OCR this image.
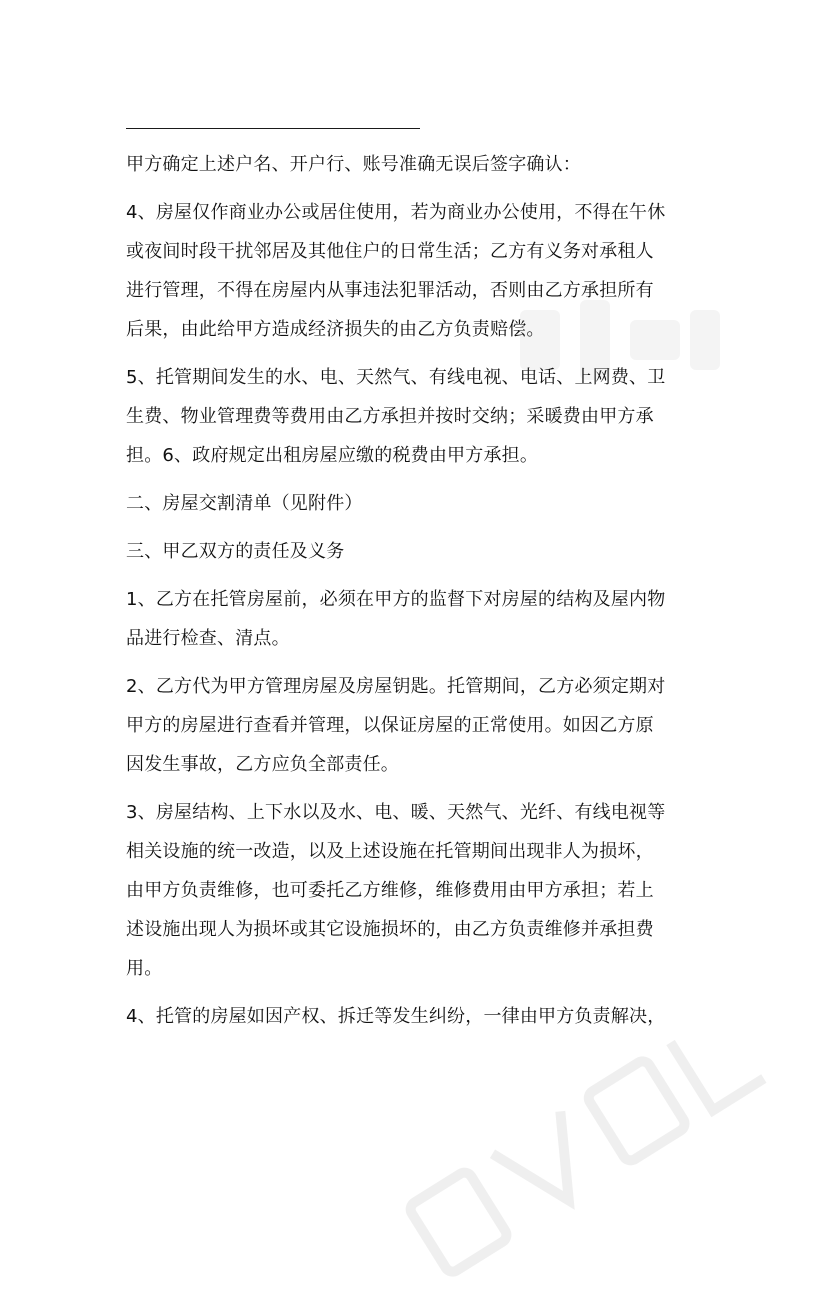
甲方确定上述户名、开户行、账号准确无误后签字确认：

4、房屋仅作商业办公或居住使用，若为商业办公使用，不得在午休
或夜间时段干扰邻居及其他住户的日常生活；乙方有义务对承租人
进行管理，不得在房屋内从事违法犯罪活动，否则由乙方承担所有
后果，由此给甲方造成经济损失的由乙方负责赔偿。

5、托管期间发生的水、电、天然气、有线电视、电话、上网费、卫
生费、物业管理费等费用由乙方承担并按时交纳；采暖费由甲方承
担。6、政府规定出租房屋应缴的税费由甲方承担。

二、房屋交割清单（见附件）

三、甲乙双方的责任及义务

1、乙方在托管房屋前，必须在甲方的监督下对房屋的结构及屋内物
品进行检查、清点。

2、乙方代为甲方管理房屋及房屋钥匙。托管期间，乙方必须定期对
甲方的房屋进行查看并管理，以保证房屋的正常使用。如因乙方原
因发生事故，乙方应负全部责任。

3、房屋结构、上下水以及水、电、暖、天然气、光纤、有线电视等
相关设施的统一改造，以及上述设施在托管期间出现非人为损坏，
由甲方负责维修，也可委托乙方维修，维修费用由甲方承担；若上
述设施出现人为损坏或其它设施损坏的，由乙方负责维修并承担费
用。

4、托管的房屋如因产权、拆迁等发生纠纷，一律由甲方负责解决，
